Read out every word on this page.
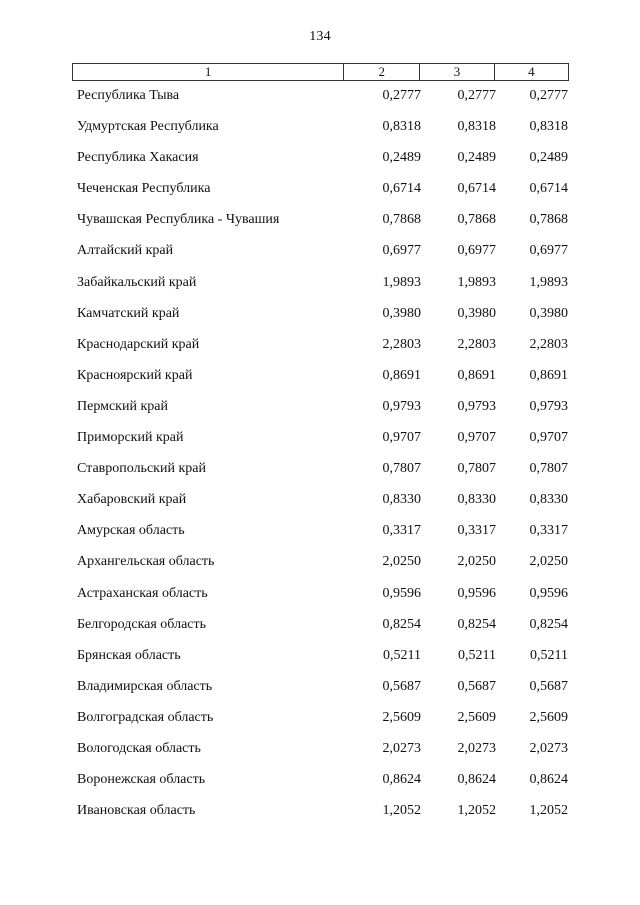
134
1	2	3	4
Республика Тыва	0,2777	0,2777 0,2777
Удмуртская Республика	0,8318	0,8318 0,8318
Республика Хакасия	0,2489	0,2489 0,2489
Чеченская Республика	0,6714	0,6714 0,6714
Чувашская Республика - Чувашия	0,7868	0,7868 0,7868
Алтайский край	0,6977	0,6977 0,6977
Забайкальский край	1,9893	1,9893 1,9893
Камчатский край	0,3980	0,3980 0,3980
Краснодарский край	2,2803	2,2803 2,2803
Красноярский край	0,8691	0,8691 0,8691
Пермский край	0,9793	0,9793 0,9793
Приморский край	0,9707	0,9707 0,9707
Ставропольский край	0,7807	0,7807 0,7807
Хабаровский край	0,8330	0,8330 0,8330
Амурская область	0,3317	0,3317 0,3317
Архангельская область	2,0250	2,0250 2,0250
Астраханская область	0,9596	0,9596 0,9596
Белгородская область	0,8254	0,8254 0,8254
Брянская область	0,5211	0,5211 0,5211
Владимирская область	0,5687	0,5687 0,5687
Волгоградская область	2,5609	2,5609 2,5609
Вологодская область	2,0273	2,0273 2,0273
Воронежская область	0,8624	0,8624 0,8624
Ивановская область	1,2052	1,2052 1,2052
